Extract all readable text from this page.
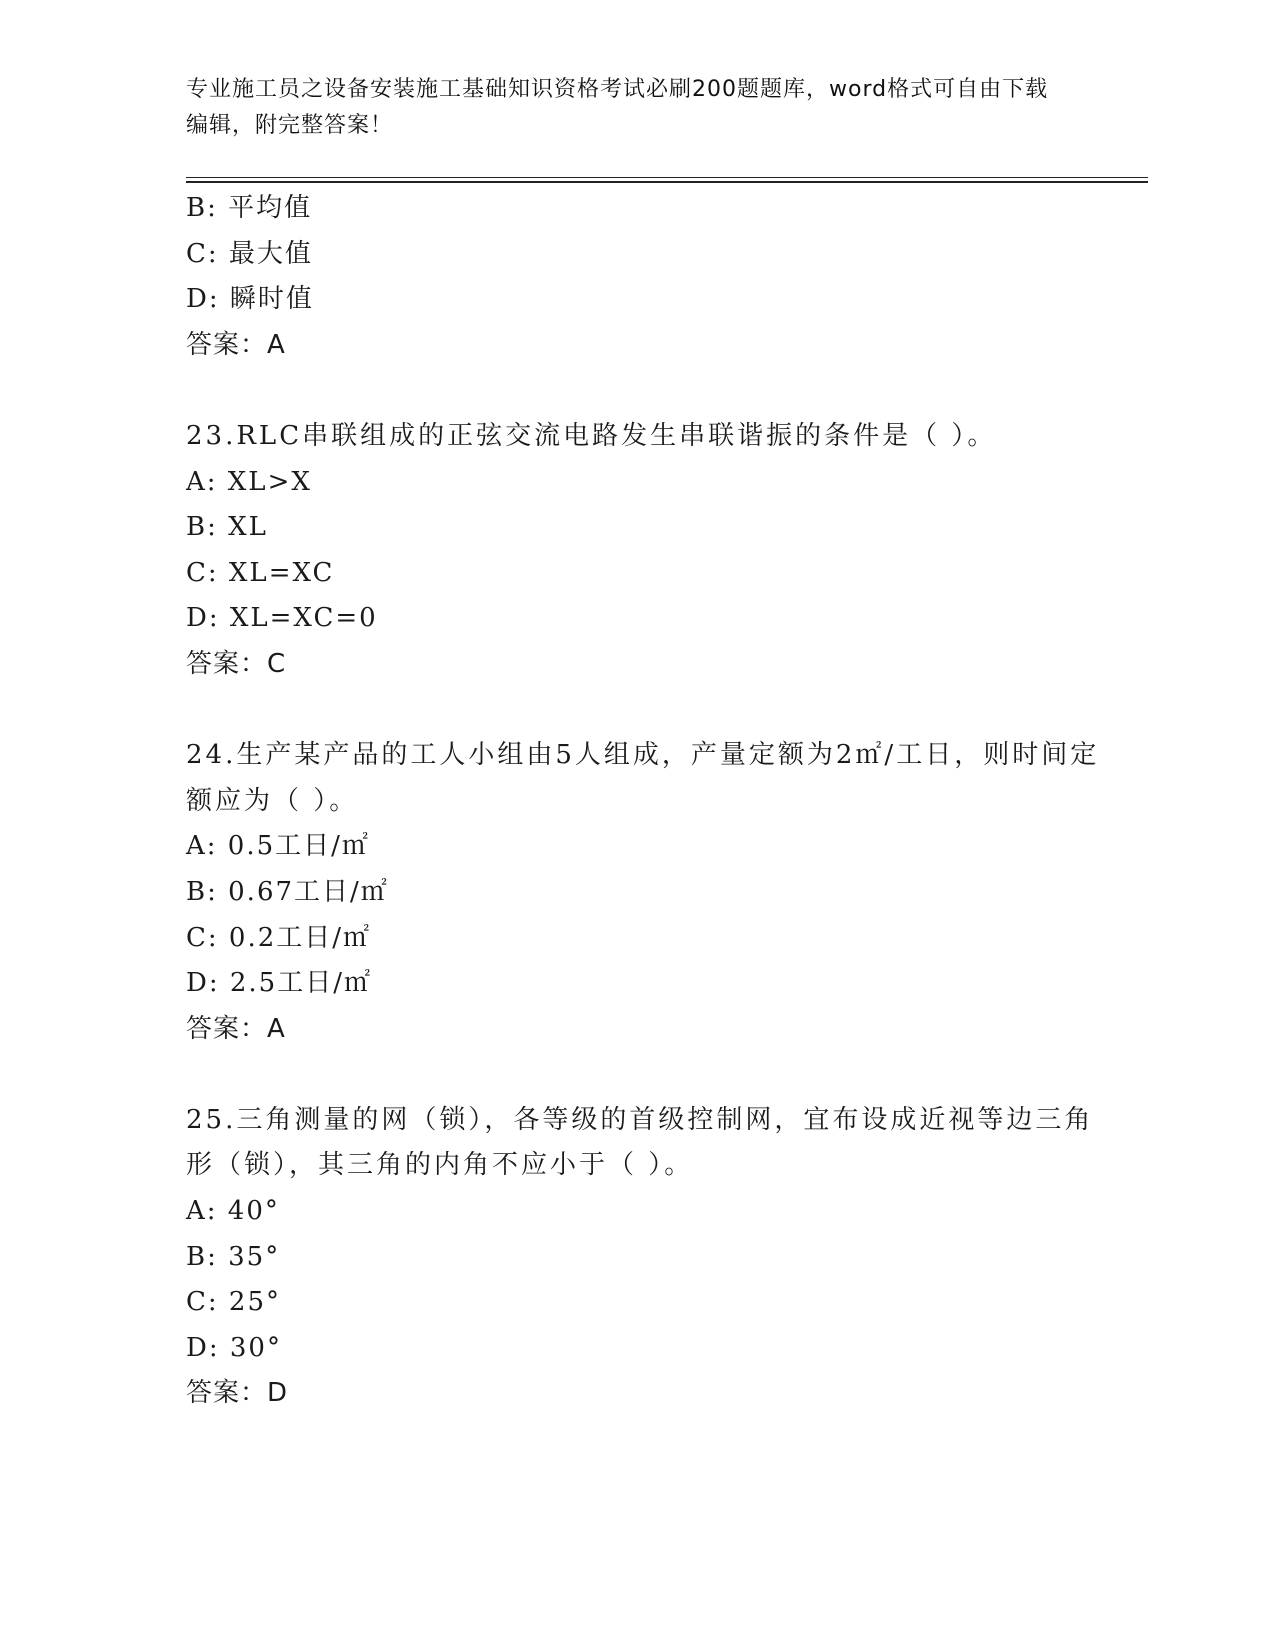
专业施工员之设备安装施工基础知识资格考试必刷200题题库，word格式可自由下载编辑，附完整答案！
B: 平均值
C: 最大值
D: 瞬时值
答案：A
23.RLC串联组成的正弦交流电路发生串联谐振的条件是（ ）。
A: XL>X
B: XL
C: XL=XC
D: XL=XC=0
答案：C
24.生产某产品的工人小组由5人组成，产量定额为2㎡/工日，则时间定额应为（ ）。
A: 0.5工日/㎡
B: 0.67工日/㎡
C: 0.2工日/㎡
D: 2.5工日/㎡
答案：A
25.三角测量的网（锁），各等级的首级控制网，宜布设成近视等边三角形（锁），其三角的内角不应小于（ ）。
A: 40°
B: 35°
C: 25°
D: 30°
答案：D
